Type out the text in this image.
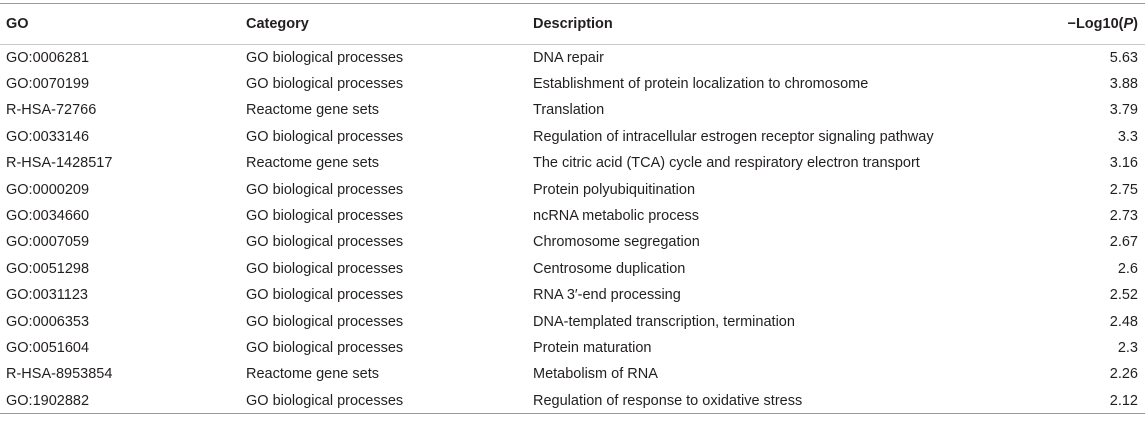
GO	Category	Description	−Log10(P)
GO:0006281	GO biological processes	DNA repair	5.63
GO:0070199	GO biological processes	Establishment of protein localization to chromosome	3.88
R-HSA-72766	Reactome gene sets	Translation	3.79
GO:0033146	GO biological processes	Regulation of intracellular estrogen receptor signaling pathway	3.3
R-HSA-1428517	Reactome gene sets	The citric acid (TCA) cycle and respiratory electron transport	3.16
GO:0000209	GO biological processes	Protein polyubiquitination	2.75
GO:0034660	GO biological processes	ncRNA metabolic process	2.73
GO:0007059	GO biological processes	Chromosome segregation	2.67
GO:0051298	GO biological processes	Centrosome duplication	2.6
GO:0031123	GO biological processes	RNA 3′-end processing	2.52
GO:0006353	GO biological processes	DNA-templated transcription, termination	2.48
GO:0051604	GO biological processes	Protein maturation	2.3
R-HSA-8953854	Reactome gene sets	Metabolism of RNA	2.26
GO:1902882	GO biological processes	Regulation of response to oxidative stress	2.12
